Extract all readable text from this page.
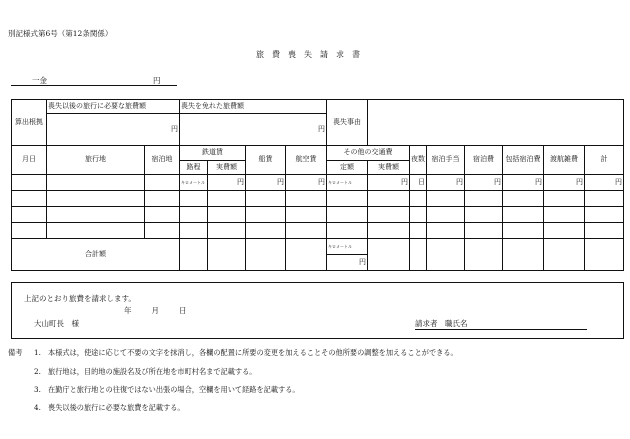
別記様式第6号（第12条関係）
旅　費　喪　失　請　求　書
一金	円
算出根拠	喪失以後の旅行に必要な旅費額		喪失を免れた旅費額				喪失事由							
	円		円											

月日	旅行地	宿泊地	鉄道賃		船賃	航空賃	その他の交通費		夜数	宿泊手当	宿泊費	包括宿泊費	渡航雑費	計
			路程	実費額			定額	実費額						

			キロメートル	円	円	円	キロメートル	円	日	円	円	円	円	円

合計額							キロメートル							

							円							
上記のとおり旅費を請求します。
年	月	日
大山町長　様	請求者　職氏名
備考 1.　本様式は，使途に応じて不要の文字を抹消し，各欄の配置に所要の変更を加えることその他所要の調整を加えることができる。
2.　旅行地は，目的地の施設名及び所在地を市町村名まで記載する。
3.　在勤庁と旅行地との往復ではない出張の場合，空欄を用いて経路を記載する。
4.　喪失以後の旅行に必要な旅費を記載する。
